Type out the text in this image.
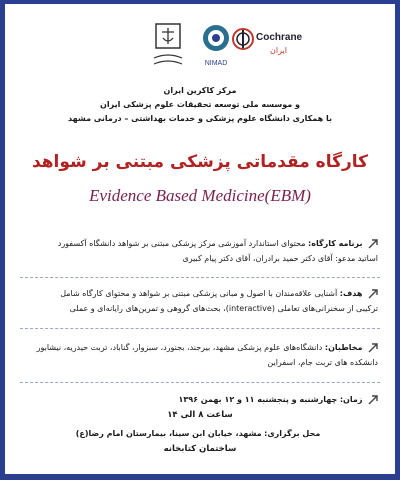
Cochrane
ایران
NIMAD
مرکز کاکرین ایران
و موسسه ملی توسعه تحقیقات علوم پزشکی ایران
با همکاری دانشگاه علوم پزشکی و خدمات بهداشتی – درمانی مشهد
کارگاه مقدماتی پزشکی مبتنی بر شواهد
Evidence Based Medicine(EBM)
برنامه کارگاه: محتوای استاندارد آموزشی مرکز پزشکی مبتنی بر شواهد دانشگاه آکسفورد
اساتید مدعو: آقای دکتر حمید برادران، آقای دکتر پیام کبیری
هدف: آشنایی علاقه‌مندان با اصول و مبانی پزشکی مبتنی بر شواهد و محتوای کارگاه شامل
ترکیبی از سخنرانی‌های تعاملی (interactive)، بحث‌های گروهی و تمرین‌های رایانه‌ای و عملی
مخاطبان: دانشگاه‌های علوم پزشکی مشهد، بیرجند، بجنورد، سبزوار، گناباد، تربت حیدریه، نیشابور
دانشکده های تربت جام، اسفراین
زمان: چهارشنبه و پنجشنبه ۱۱ و ۱۲ بهمن ۱۳۹۶
ساعت ۸ الی ۱۴
محل برگزاری: مشهد، خیابان ابن سینا، بیمارستان امام رضا(ع)
ساختمان کتابخانه
